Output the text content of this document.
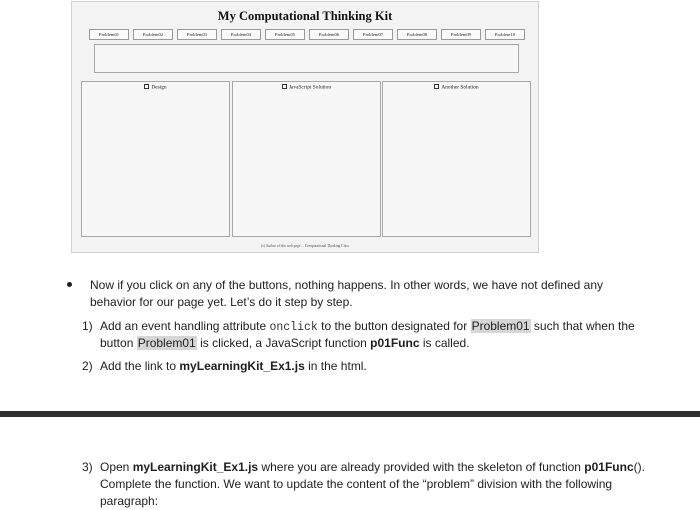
My Computational Thinking Kit
Problem01	Problem02	Problem03	Problem04	Problem05	Problem06	Problem07	Problem08	Problem09	Problem10
Design	JavaScript Solution	Another Solution
(c) Author of this web page ... Computational Thinking Class
Now if you click on any of the buttons, nothing happens. In other words, we have not defined any
behavior for our page yet. Let’s do it step by step.
1) Add an event handling attribute onclick to the button designated for Problem01 such that when the
button Problem01 is clicked, a JavaScript function p01Func is called.
2) Add the link to myLearningKit_Ex1.js in the html.
3) Open myLearningKit_Ex1.js where you are already provided with the skeleton of function p01Func().
Complete the function. We want to update the content of the “problem” division with the following
paragraph:
